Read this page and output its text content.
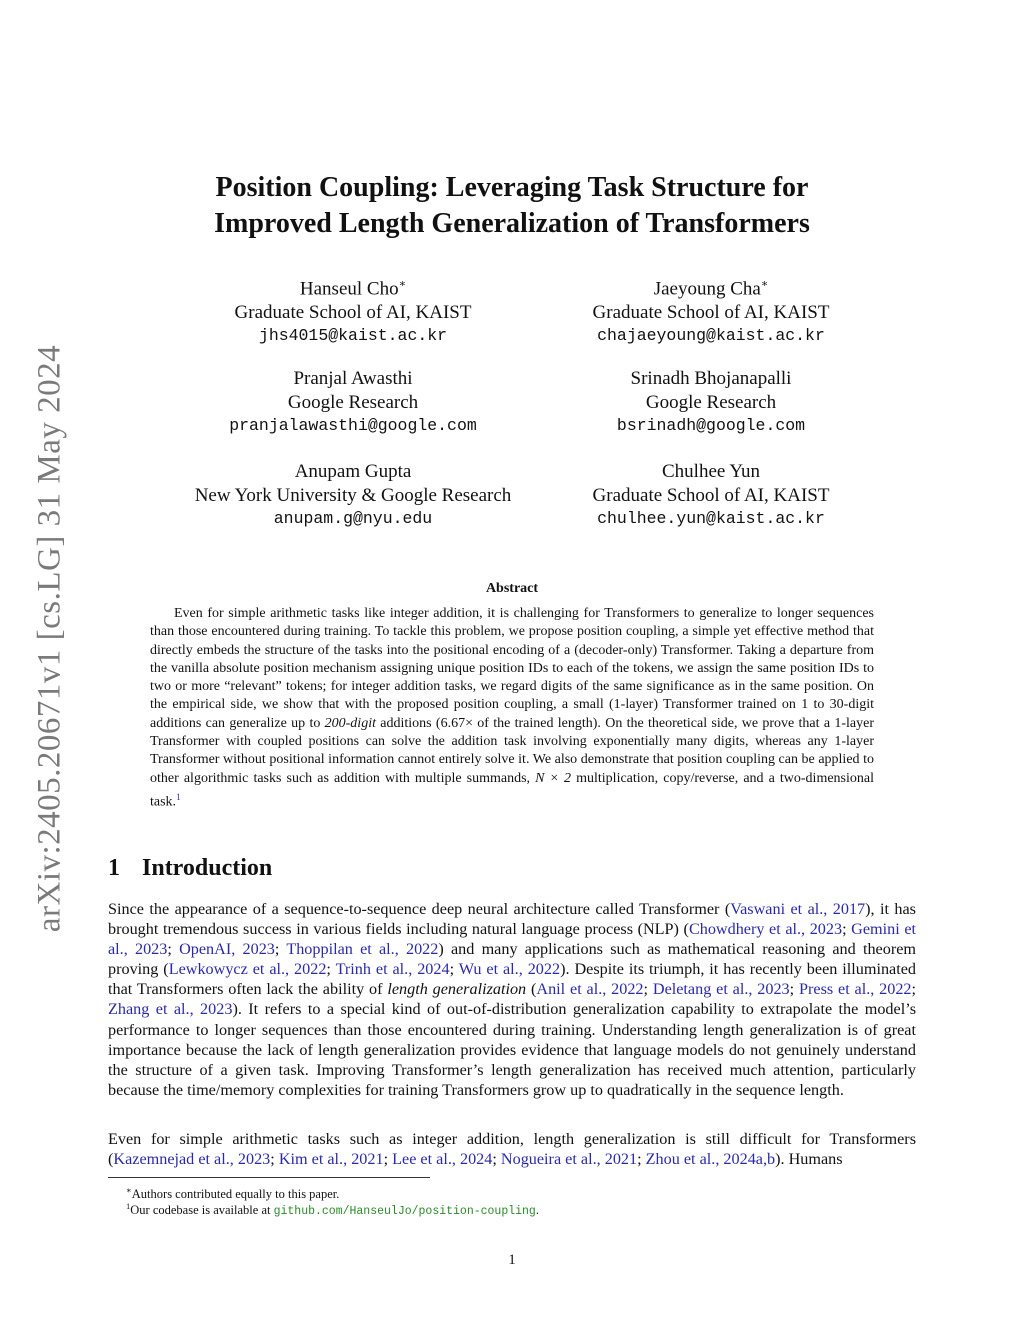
arXiv:2405.20671v1 [cs.LG] 31 May 2024
Position Coupling: Leveraging Task Structure for
Improved Length Generalization of Transformers
Hanseul Cho∗
Graduate School of AI, KAIST
jhs4015@kaist.ac.kr
Jaeyoung Cha∗
Graduate School of AI, KAIST
chajaeyoung@kaist.ac.kr
Pranjal Awasthi
Google Research
pranjalawasthi@google.com
Srinadh Bhojanapalli
Google Research
bsrinadh@google.com
Anupam Gupta
New York University & Google Research
anupam.g@nyu.edu
Chulhee Yun
Graduate School of AI, KAIST
chulhee.yun@kaist.ac.kr
Abstract
Even for simple arithmetic tasks like integer addition, it is challenging for Transformers to generalize to longer sequences than those encountered during training. To tackle this problem, we propose position coupling, a simple yet effective method that directly embeds the structure of the tasks into the positional encoding of a (decoder-only) Transformer. Taking a departure from the vanilla absolute position mechanism assigning unique position IDs to each of the tokens, we assign the same position IDs to two or more “relevant” tokens; for integer addition tasks, we regard digits of the same significance as in the same position. On the empirical side, we show that with the proposed position coupling, a small (1-layer) Transformer trained on 1 to 30-digit additions can generalize up to 200-digit additions (6.67× of the trained length). On the theoretical side, we prove that a 1-layer Transformer with coupled positions can solve the addition task involving exponentially many digits, whereas any 1-layer Transformer without positional information cannot entirely solve it. We also demonstrate that position coupling can be applied to other algorithmic tasks such as addition with multiple summands, N × 2 multiplication, copy/reverse, and a two-dimensional task.$^1$
1 Introduction
Since the appearance of a sequence-to-sequence deep neural architecture called Transformer (Vaswani et al., 2017), it has brought tremendous success in various fields including natural language process (NLP) (Chowdhery et al., 2023; Gemini et al., 2023; OpenAI, 2023; Thoppilan et al., 2022) and many applications such as mathematical reasoning and theorem proving (Lewkowycz et al., 2022; Trinh et al., 2024; Wu et al., 2022). Despite its triumph, it has recently been illuminated that Transformers often lack the ability of length generalization (Anil et al., 2022; Deletang et al., 2023; Press et al., 2022; Zhang et al., 2023). It refers to a special kind of out-of-distribution generalization capability to extrapolate the model’s performance to longer sequences than those encountered during training. Understanding length generalization is of great importance because the lack of length generalization provides evidence that language models do not genuinely understand the structure of a given task. Improving Transformer’s length generalization has received much attention, particularly because the time/memory complexities for training Transformers grow up to quadratically in the sequence length.
Even for simple arithmetic tasks such as integer addition, length generalization is still difficult for Transformers (Kazemnejad et al., 2023; Kim et al., 2021; Lee et al., 2024; Nogueira et al., 2021; Zhou et al., 2024a,b). Humans
∗Authors contributed equally to this paper.
$^1$Our codebase is available at github.com/HanseulJo/position-coupling.
1
